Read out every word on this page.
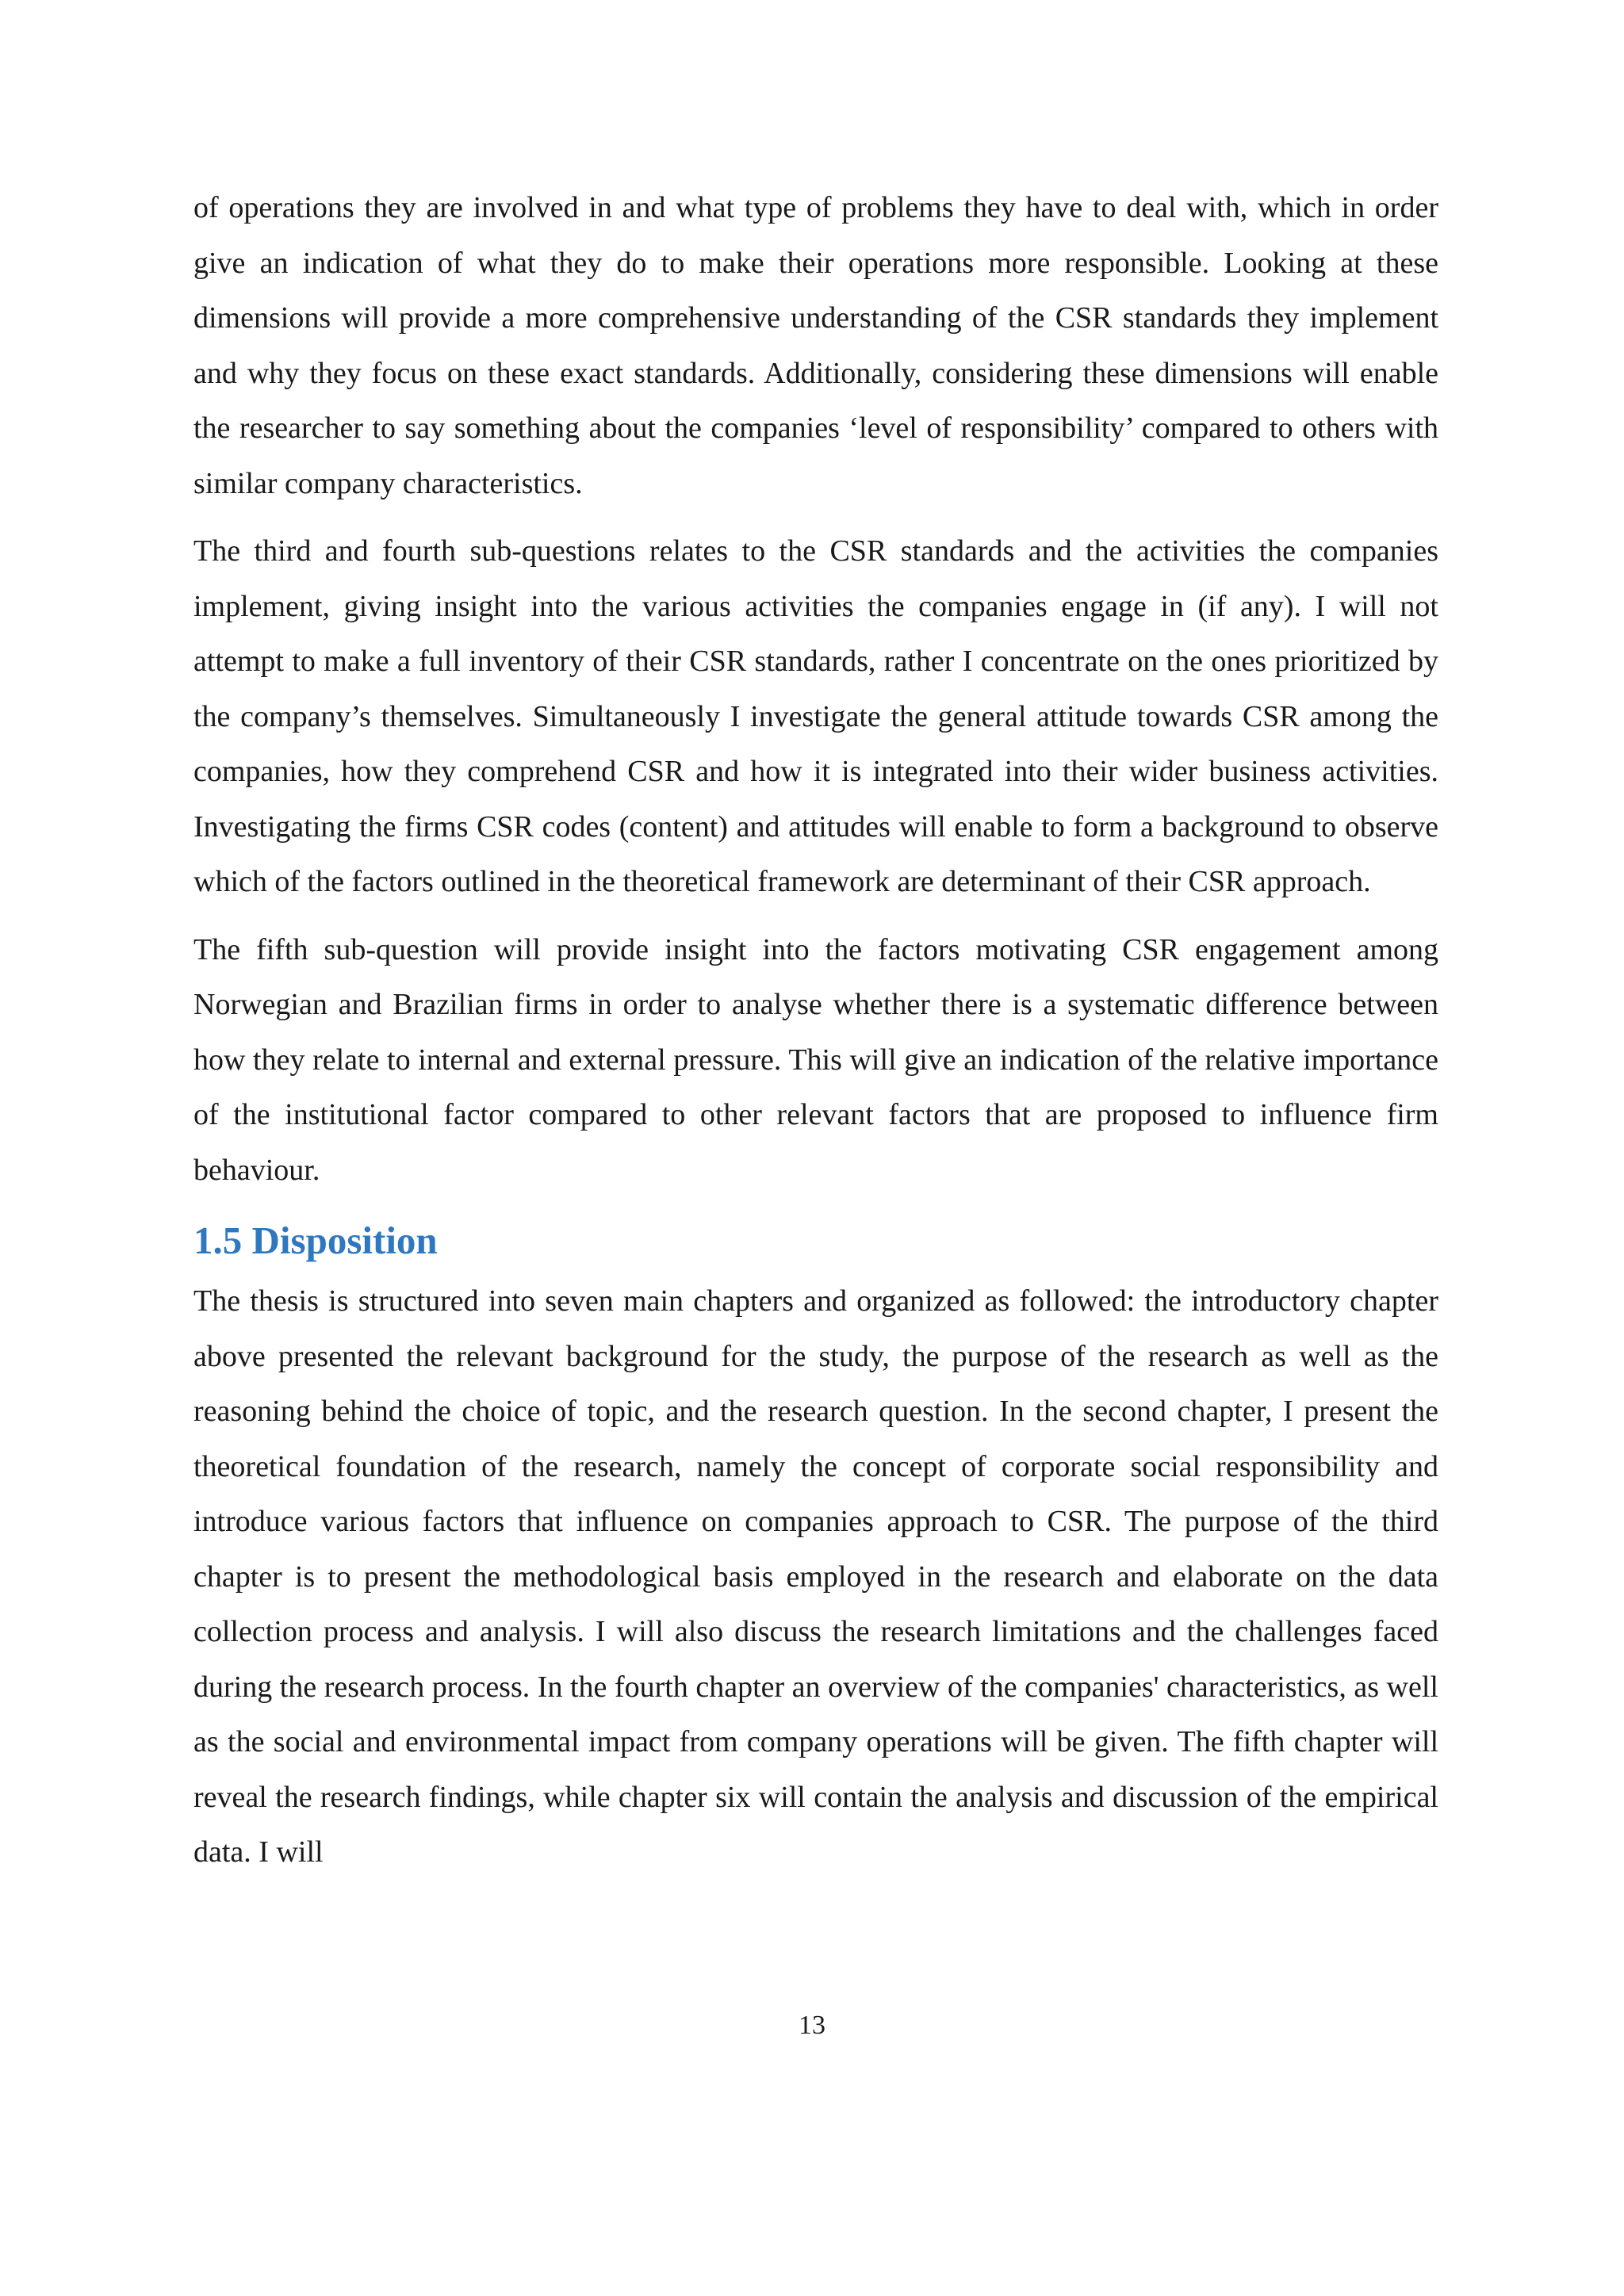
of operations they are involved in and what type of problems they have to deal with, which in order give an indication of what they do to make their operations more responsible. Looking at these dimensions will provide a more comprehensive understanding of the CSR standards they implement and why they focus on these exact standards. Additionally, considering these dimensions will enable the researcher to say something about the companies ‘level of responsibility’ compared to others with similar company characteristics.

The third and fourth sub-questions relates to the CSR standards and the activities the companies implement, giving insight into the various activities the companies engage in (if any). I will not attempt to make a full inventory of their CSR standards, rather I concentrate on the ones prioritized by the company’s themselves. Simultaneously I investigate the general attitude towards CSR among the companies, how they comprehend CSR and how it is integrated into their wider business activities. Investigating the firms CSR codes (content) and attitudes will enable to form a background to observe which of the factors outlined in the theoretical framework are determinant of their CSR approach.

The fifth sub-question will provide insight into the factors motivating CSR engagement among Norwegian and Brazilian firms in order to analyse whether there is a systematic difference between how they relate to internal and external pressure. This will give an indication of the relative importance of the institutional factor compared to other relevant factors that are proposed to influence firm behaviour.

1.5 Disposition

The thesis is structured into seven main chapters and organized as followed: the introductory chapter above presented the relevant background for the study, the purpose of the research as well as the reasoning behind the choice of topic, and the research question. In the second chapter, I present the theoretical foundation of the research, namely the concept of corporate social responsibility and introduce various factors that influence on companies approach to CSR. The purpose of the third chapter is to present the methodological basis employed in the research and elaborate on the data collection process and analysis. I will also discuss the research limitations and the challenges faced during the research process. In the fourth chapter an overview of the companies' characteristics, as well as the social and environmental impact from company operations will be given. The fifth chapter will reveal the research findings, while chapter six will contain the analysis and discussion of the empirical data. I will

13
